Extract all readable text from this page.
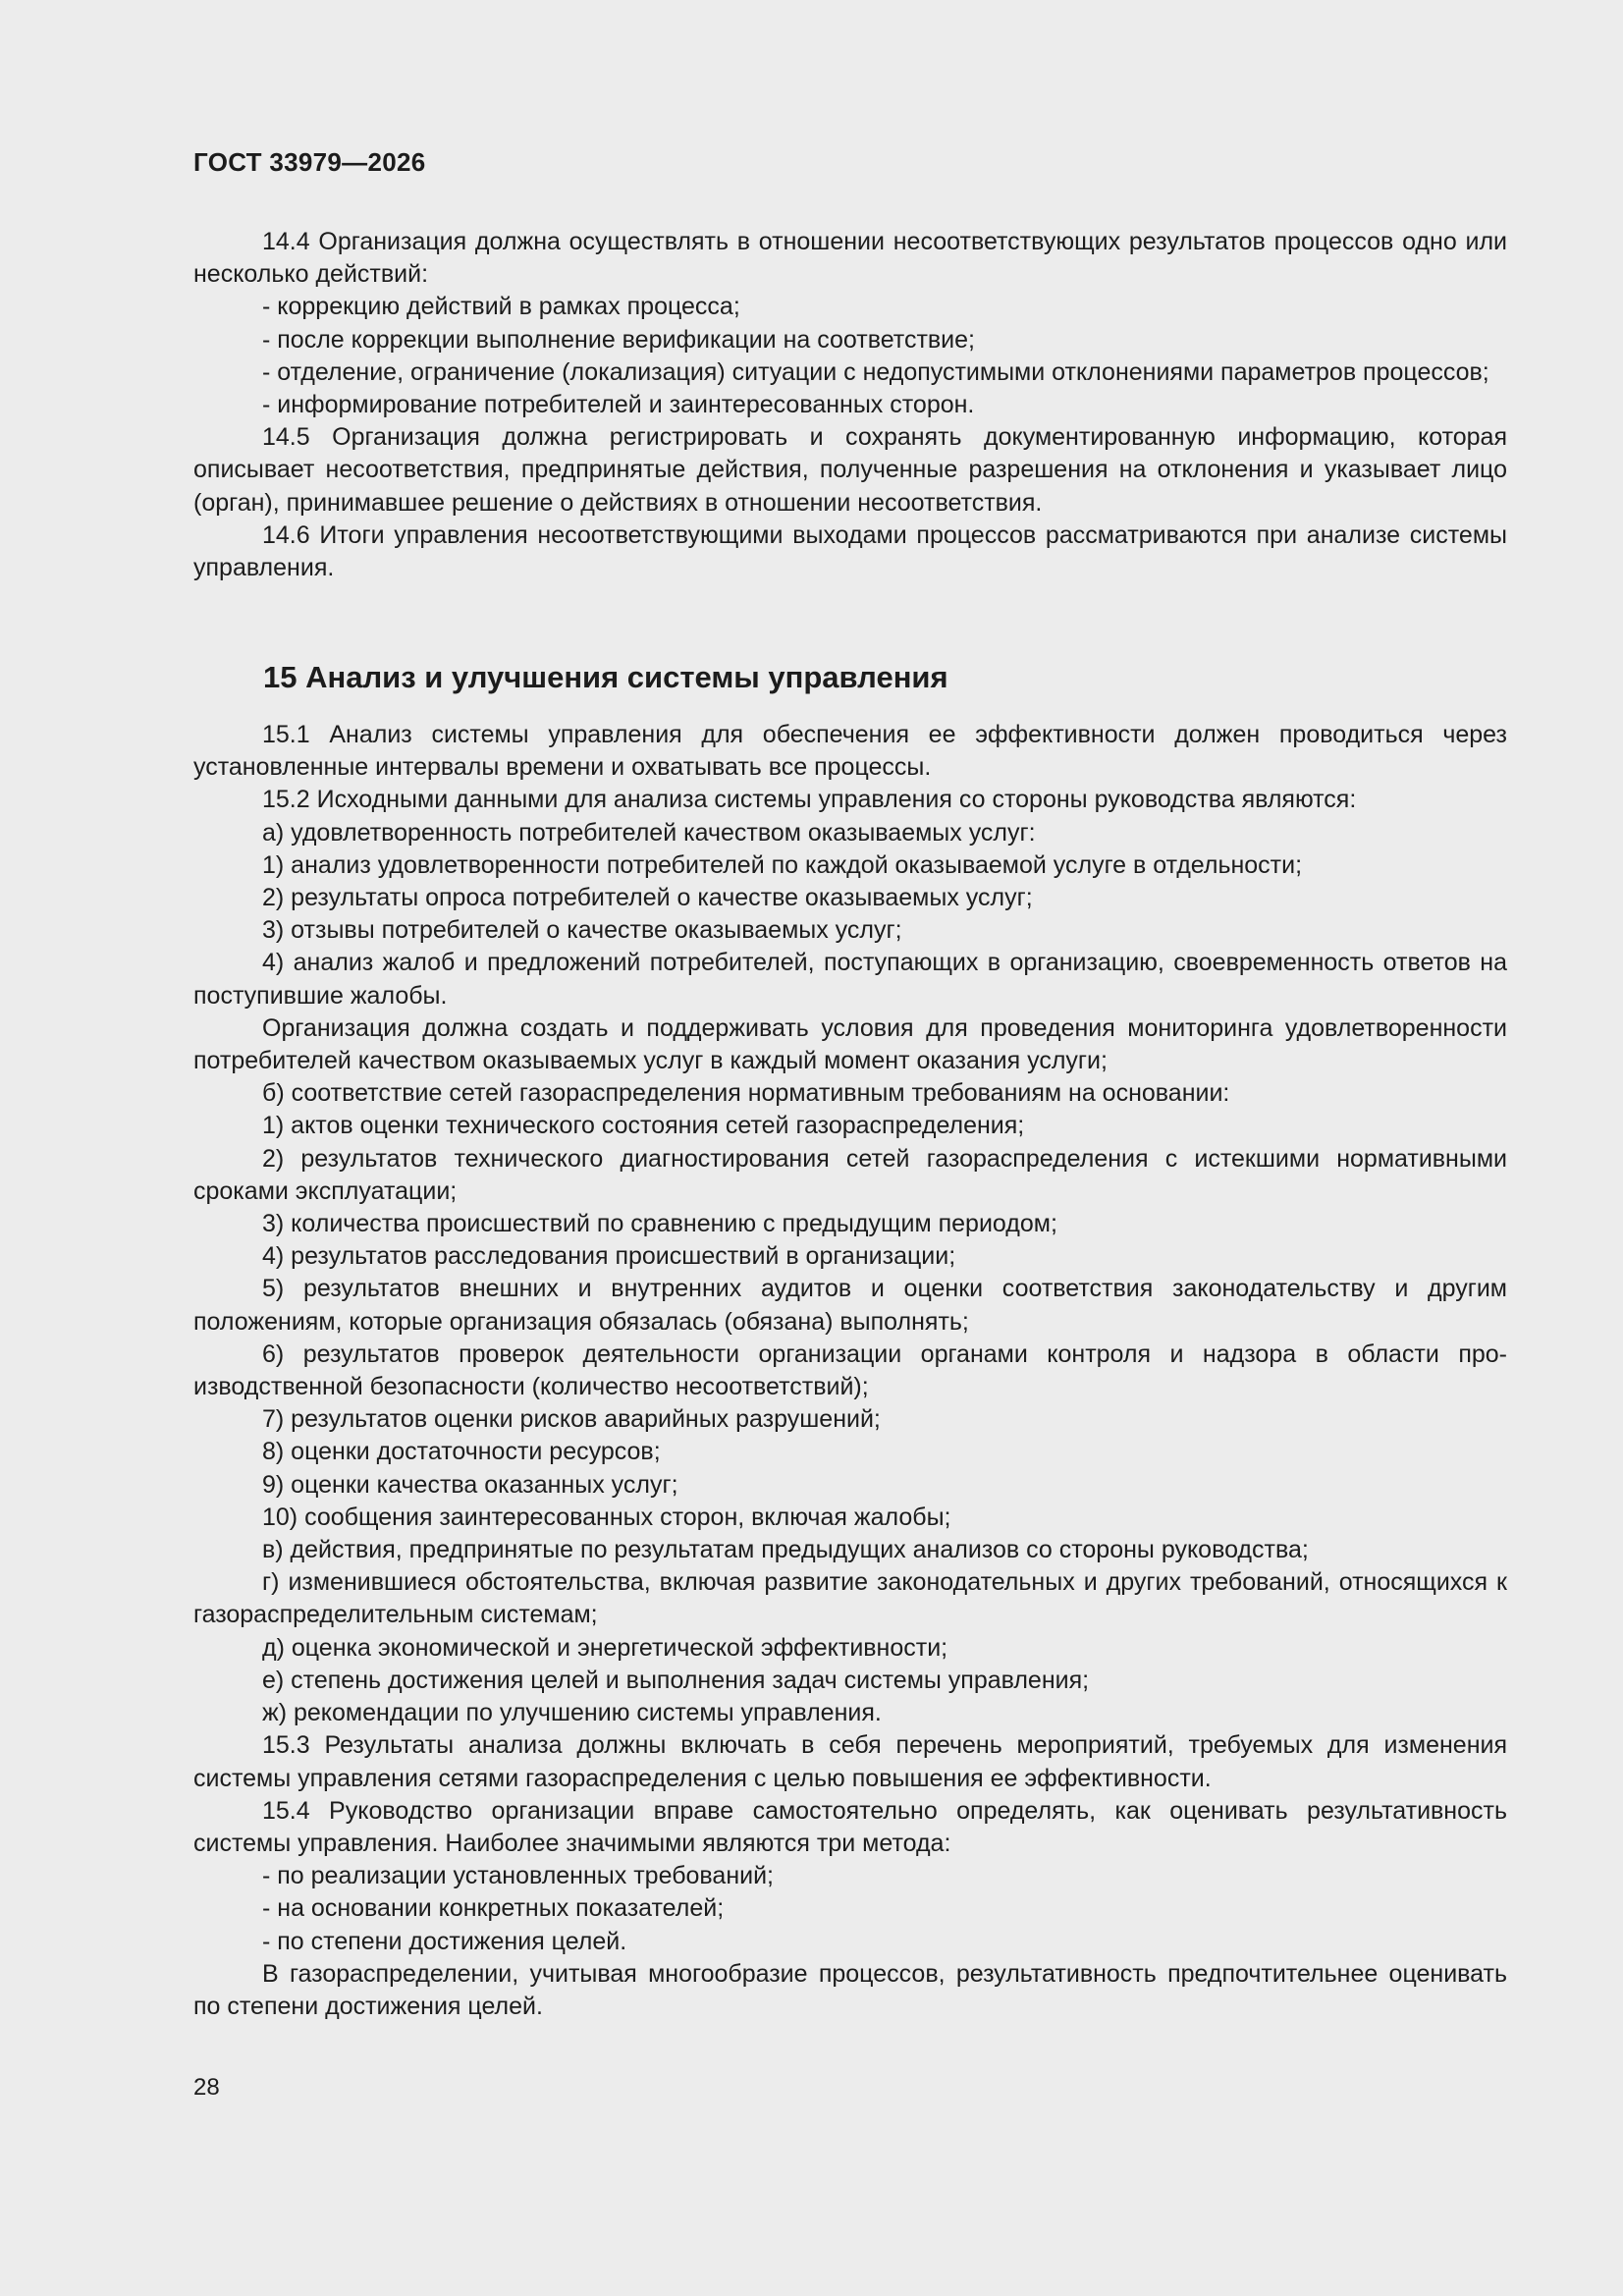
ГОСТ 33979—2026

14.4 Организация должна осуществлять в отношении несоответствующих результатов процессов одно или несколько действий:

- коррекцию действий в рамках процесса;

- после коррекции выполнение верификации на соответствие;

- отделение, ограничение (локализация) ситуации с недопустимыми отклонениями параметров процессов;

- информирование потребителей и заинтересованных сторон.

14.5 Организация должна регистрировать и сохранять документированную информацию, которая описывает несоответствия, предпринятые действия, полученные разрешения на отклонения и указывает лицо (орган), принимавшее решение о действиях в отношении несоответствия.

14.6 Итоги управления несоответствующими выходами процессов рассматриваются при анализе системы управления.

15 Анализ и улучшения системы управления

15.1 Анализ системы управления для обеспечения ее эффективности должен проводиться через установленные интервалы времени и охватывать все процессы.

15.2 Исходными данными для анализа системы управления со стороны руководства являются:

а) удовлетворенность потребителей качеством оказываемых услуг:

1) анализ удовлетворенности потребителей по каждой оказываемой услуге в отдельности;

2) результаты опроса потребителей о качестве оказываемых услуг;

3) отзывы потребителей о качестве оказываемых услуг;

4) анализ жалоб и предложений потребителей, поступающих в организацию, своевременность ответов на поступившие жалобы.

Организация должна создать и поддерживать условия для проведения мониторинга удовлетворенности потребителей качеством оказываемых услуг в каждый момент оказания услуги;

б) соответствие сетей газораспределения нормативным требованиям на основании:

1) актов оценки технического состояния сетей газораспределения;

2) результатов технического диагностирования сетей газораспределения с истекшими нормативными сроками эксплуатации;

3) количества происшествий по сравнению с предыдущим периодом;

4) результатов расследования происшествий в организации;

5) результатов внешних и внутренних аудитов и оценки соответствия законодательству и другим положениям, которые организация обязалась (обязана) выполнять;

6) результатов проверок деятельности организации органами контроля и надзора в области производственной безопасности (количество несоответствий);

7) результатов оценки рисков аварийных разрушений;

8) оценки достаточности ресурсов;

9) оценки качества оказанных услуг;

10) сообщения заинтересованных сторон, включая жалобы;

в) действия, предпринятые по результатам предыдущих анализов со стороны руководства;

г) изменившиеся обстоятельства, включая развитие законодательных и других требований, относящихся к газораспределительным системам;

д) оценка экономической и энергетической эффективности;

е) степень достижения целей и выполнения задач системы управления;

ж) рекомендации по улучшению системы управления.

15.3 Результаты анализа должны включать в себя перечень мероприятий, требуемых для изменения системы управления сетями газораспределения с целью повышения ее эффективности.

15.4 Руководство организации вправе самостоятельно определять, как оценивать результативность системы управления. Наиболее значимыми являются три метода:

- по реализации установленных требований;

- на основании конкретных показателей;

- по степени достижения целей.

В газораспределении, учитывая многообразие процессов, результативность предпочтительнее оценивать по степени достижения целей.

28
